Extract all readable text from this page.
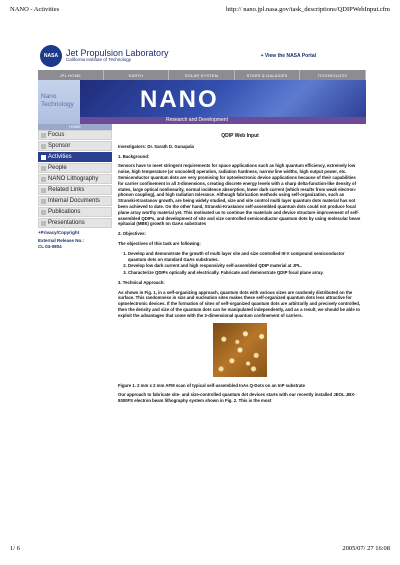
NANO - Activities	http:// nano.jpl.nasa.gov/task_descriptions/QDIPWebInput.cfm
NASA Jet Propulsion Laboratory
California Institute of Technology
+ View the NASA Portal
JPL HOME	EARTH	SOLAR SYSTEM	STARS & GALAXIES	TECHNOLOGY
Nano
Technology	NANO
Research and Development
HOME
Focus
Sponsor
Activities
People
NANO Lithography
Related Links
Internal Documents
Publications
Presentations
+Privacy/Copyright
External Release No.:
CL 04-0804
QDIP Web Input

Investigators: Dr. Sarath D. Gunapala

1. Background:

Sensors have to meet stringent requirements for space applications such as high quantum efficiency, extremely low noise, high temperature (or uncooled) operation, radiation hardness, narrow line widths, high output power, etc. Semiconductor quantum dots are very promising for optoelectronic device applications because of their capabilities for carrier confinement in all 3-dimensions, creating discrete energy levels with a sharp delta-function-like density of states, large optical nonlinearity, normal incidence absorption, lower dark current (which results from weak electron-phonon coupling), and high radiation tolerance. Although fabrication methods using self-organization, such as Stranski-Krastanov growth, are being widely studied, size and site control multi layer quantum dots material has not been achieved to date. On the other hand, Stranski-Krastanov self-assembled quantum dots could not produce focal plane array worthy material yet. This motivated us to continue the materials and device structure improvement of self-assembled QDIPs, and development of site and size controlled semiconductor quantum dots by using molecular beam epitaxial (MBE) growth on GaAs substrates

2. Objectives:

The objectives of this task are following:

1. Develop and demonstrate the growth of multi layer site and size controlled III-V compound semiconductor quantum dots on standard GaAs substrates.
2. Develop low dark current and high responsivity self-assembled QDIP material at JPL.
3. Characterize QDIPs optically and electrically. Fabricate and demonstrate QDIP focal plane array.

3. Technical Approach:

As shown in Fig. 1, in a self-organizing approach, quantum dots with various sizes are randomly distributed on the surface. This randomness in size and nucleation sites makes these self-organized quantum dots less attractive for optoelectronic devices. If the formation of sites of self-organized quantum dots are arbitrarily and precisely controlled, then the density and size of the quantum dots can be manipulated independently, and as a result, we should be able to exploit the advantages that come with the 3-dimensional quantum confinement of carriers.

Figure 1. 2 mm x 2 mm AFM scan of typical self-assembled InAs Q-Dots on an InP substrate

Our approach to fabricate site- and size-controlled quantum dot devices starts with our recently installed JEOL JBX-9300FS electron beam lithography system shown in Fig. 2. This is the most

1/ 6	2005/07/ 27 16:08
